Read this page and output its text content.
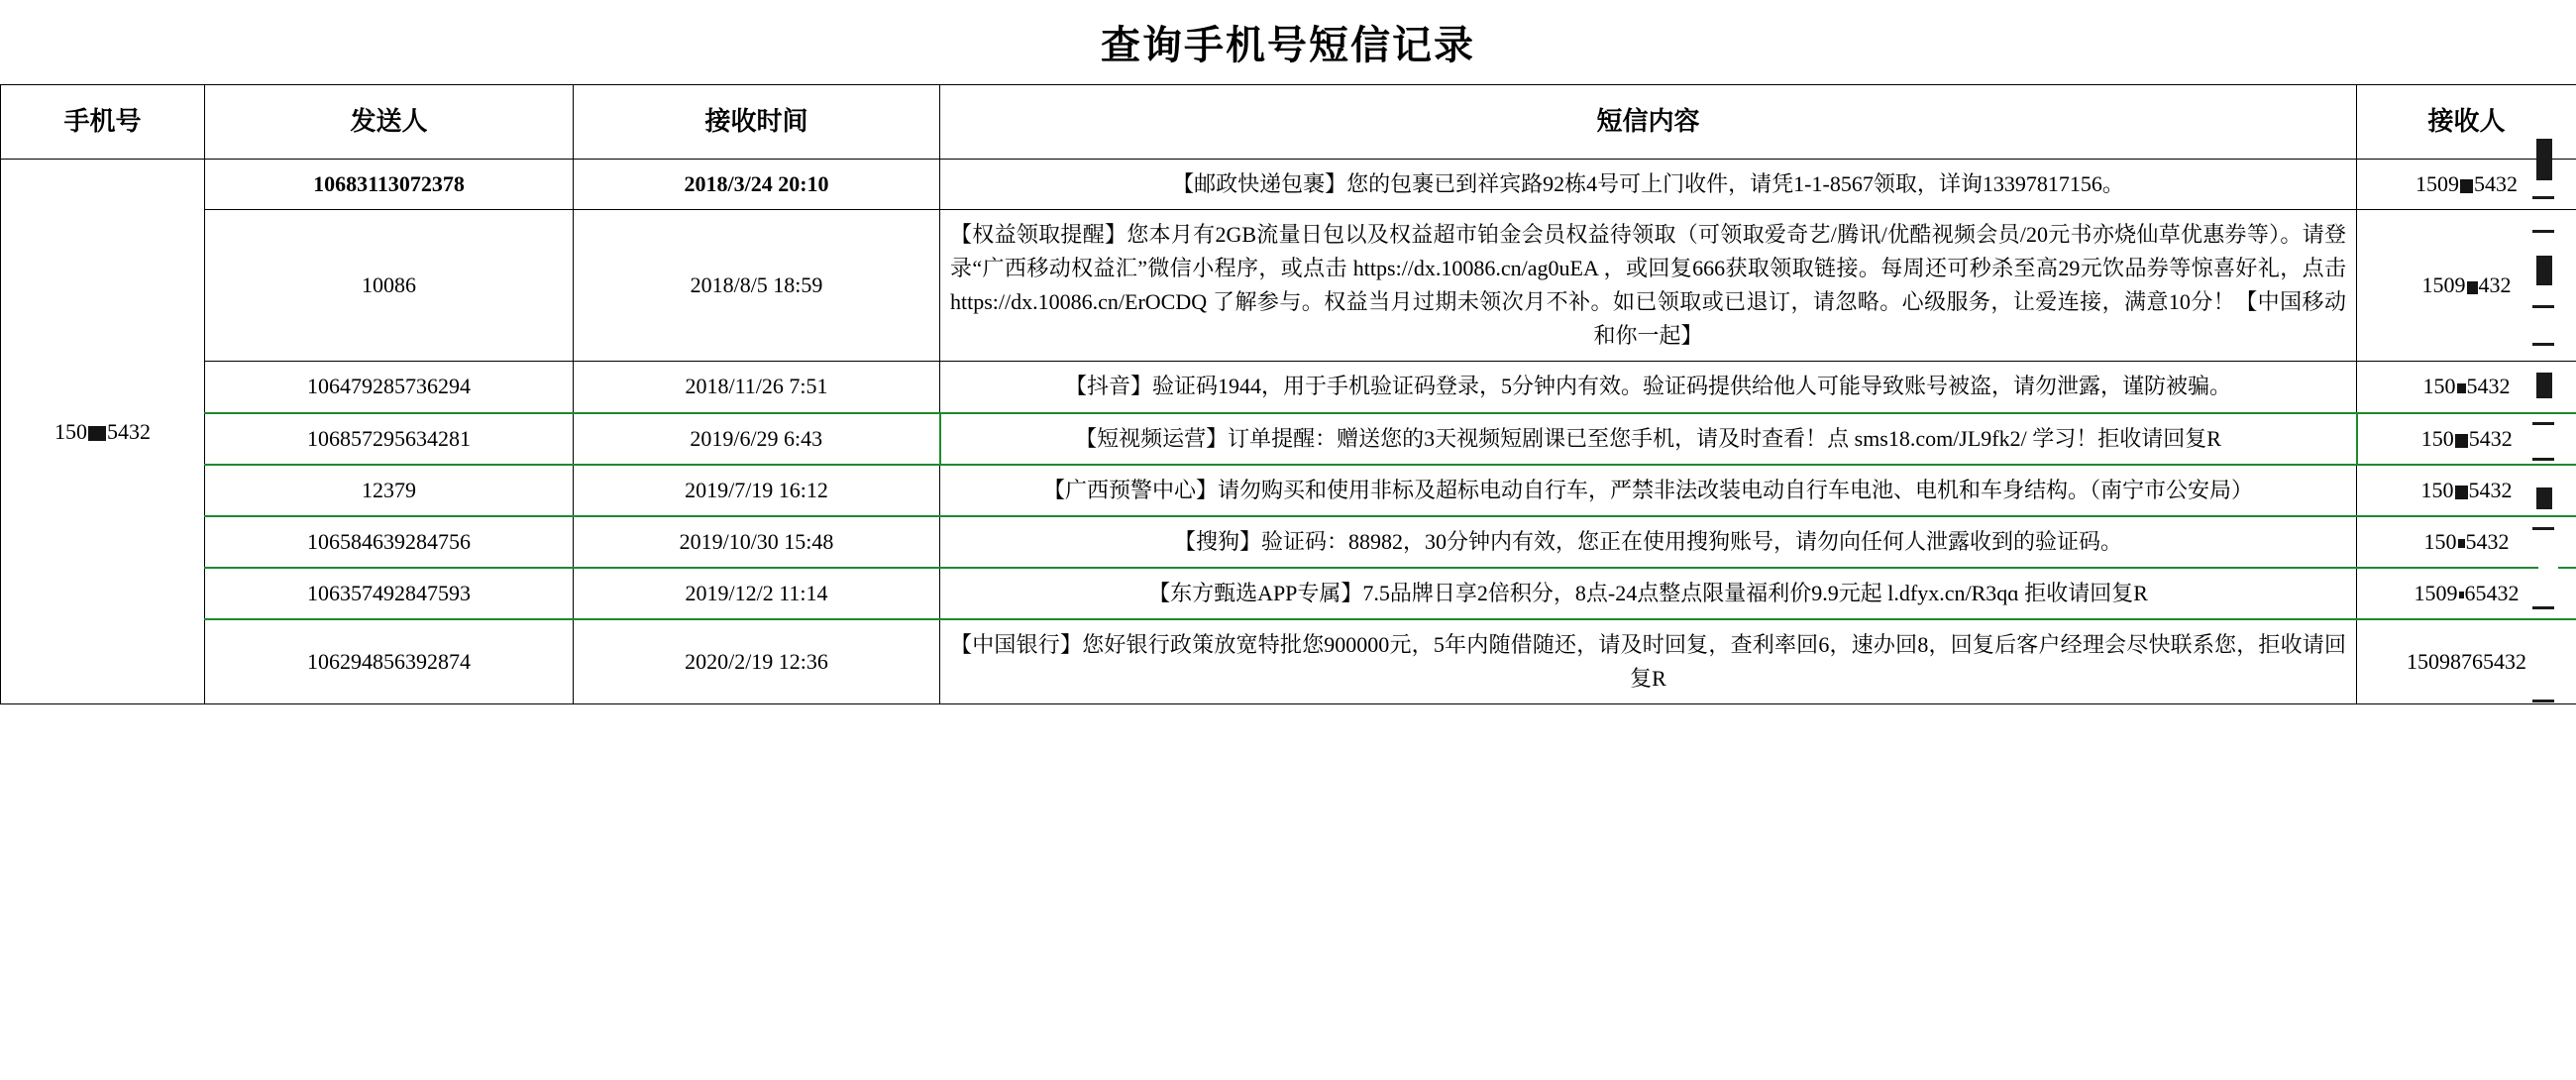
查询手机号短信记录
手机号	发送人	接收时间	短信内容	接收人
150 5432	10683113072378	2018/3/24 20:10	【邮政快递包裹】您的包裹已到祥宾路92栋4号可上门收件，请凭1-1-8567领取，详询13397817156。	1509 5432
	10086	2018/8/5 18:59	【权益领取提醒】您本月有2GB流量日包以及权益超市铂金会员权益待领取（可领取爱奇艺/腾讯/优酷视频会员/20元书亦烧仙草优惠券等）。请登录“广西移动权益汇”微信小程序，或点击 https://dx.10086.cn/ag0uEA ，或回复666获取领取链接。每周还可秒杀至高29元饮品券等惊喜好礼，点击 https://dx.10086.cn/ErOCDQ 了解参与。权益当月过期未领次月不补。如已领取或已退订，请忽略。心级服务，让爱连接，满意10分！【中国移动 和你一起】	1509 432
	106479285736294	2018/11/26 7:51	【抖音】验证码1944，用于手机验证码登录，5分钟内有效。验证码提供给他人可能导致账号被盗，请勿泄露，谨防被骗。	150 5432
	106857295634281	2019/6/29 6:43	【短视频运营】订单提醒：赠送您的3天视频短剧课已至您手机，请及时查看！点 sms18.com/JL9fk2/ 学习！拒收请回复R	150 5432
	12379	2019/7/19 16:12	【广西预警中心】请勿购买和使用非标及超标电动自行车，严禁非法改装电动自行车电池、电机和车身结构。（南宁市公安局）	150 5432
	106584639284756	2019/10/30 15:48	【搜狗】验证码：88982，30分钟内有效，您正在使用搜狗账号，请勿向任何人泄露收到的验证码。	150 5432
	106357492847593	2019/12/2 11:14	【东方甄选APP专属】7.5品牌日享2倍积分，8点-24点整点限量福利价9.9元起 l.dfyx.cn/R3qɑ 拒收请回复R	1509 65432
	106294856392874	2020/2/19 12:36	【中国银行】您好银行政策放宽特批您900000元，5年内随借随还，请及时回复，查利率回6，速办回8，回复后客户经理会尽快联系您，拒收请回复R	15098765432
